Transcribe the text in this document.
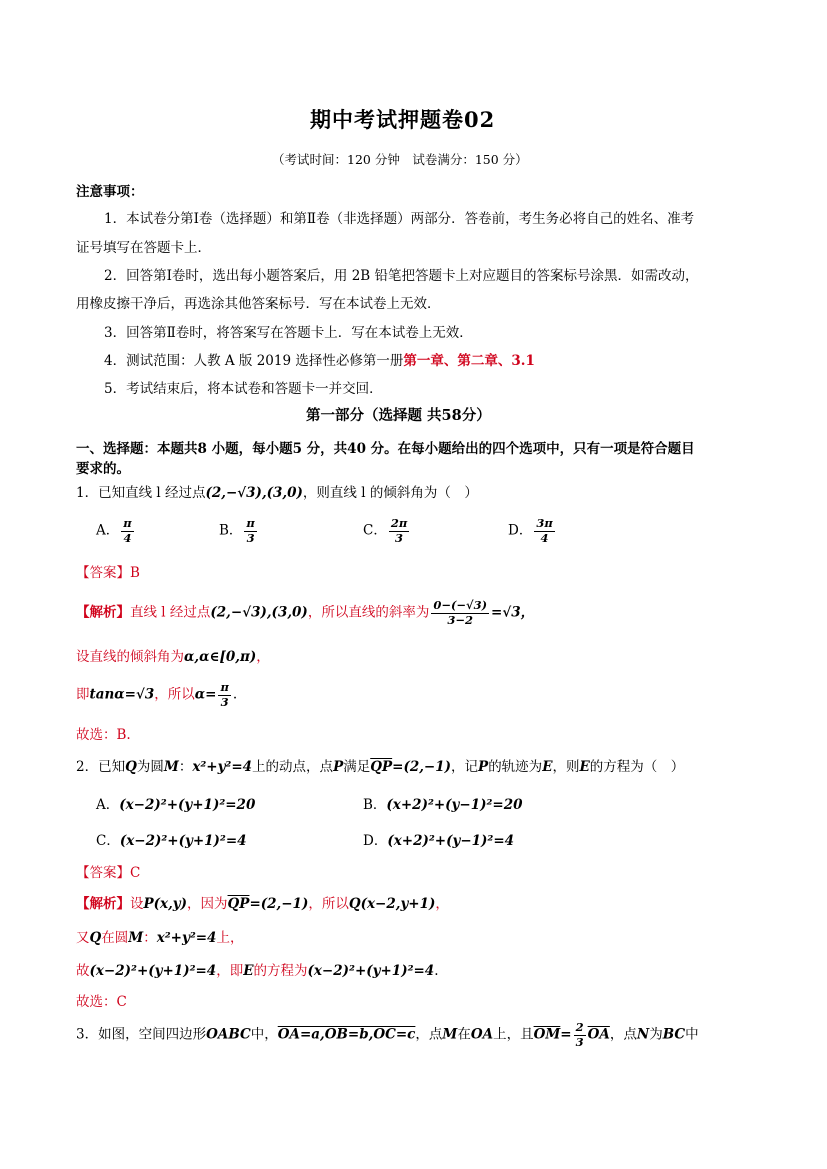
期中考试押题卷02
（考试时间：120 分钟　试卷满分：150 分）
注意事项：
1．本试卷分第Ⅰ卷（选择题）和第Ⅱ卷（非选择题）两部分．答卷前，考生务必将自己的姓名、准考
证号填写在答题卡上．
2．回答第Ⅰ卷时，选出每小题答案后，用 2B 铅笔把答题卡上对应题目的答案标号涂黑．如需改动，
用橡皮擦干净后，再选涂其他答案标号．写在本试卷上无效．
3．回答第Ⅱ卷时，将答案写在答题卡上．写在本试卷上无效．
4．测试范围：人教 A 版 2019 选择性必修第一册第一章、第二章、3.1
5．考试结束后，将本试卷和答题卡一并交回．
第一部分（选择题 共58分）
一、选择题：本题共8 小题，每小题5 分，共40 分。在每小题给出的四个选项中，只有一项是符合题目
要求的。
1．已知直线 l 经过点(2,−√3),(3,0)，则直线 l 的倾斜角为（　）
A． $\frac{\pi}{4}$	B． $\frac{\pi}{3}$	C． $\frac{2\pi}{3}$	D． $\frac{3\pi}{4}$
【答案】B
【解析】直线 l 经过点(2,−√3),(3,0)，所以直线的斜率为 $\frac{0-(-√3)}{3-2} =√3$，
设直线的倾斜角为α,α∈[0,π)，
即tanα=√3，所以$\alpha= \frac{\pi}{3}$ .
故选：B.
2．已知Q为圆M：x²+y²=4上的动点，点P满足$\overline{QP}=(2,-1)$，记P的轨迹为E，则E的方程为（　）
A．(x−2)²+(y+1)²=20	B．(x+2)²+(y−1)²=20
C．(x−2)²+(y+1)²=4	D．(x+2)²+(y−1)²=4
【答案】C
【解析】设P(x,y)，因为$\overline{QP}=(2,-1)$，所以Q(x−2,y+1)，
又Q在圆M：x²+y²=4上，
故(x−2)²+(y+1)²=4，即E的方程为(x−2)²+(y+1)²=4.
故选：C
3．如图，空间四边形OABC中，OA=a,OB=b,OC=c，点M在OA上，且$\overline{OM}= \frac{2}{3} \overline{OA}$，点N为BC中
